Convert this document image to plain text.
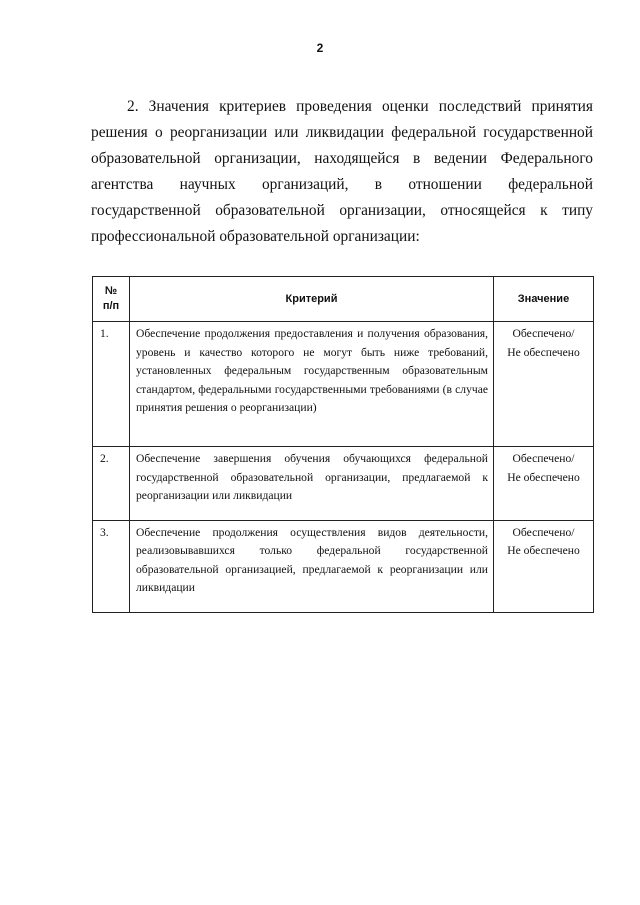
2

2. Значения критериев проведения оценки последствий принятия решения о реорганизации или ликвидации федеральной государственной образовательной организации, находящейся в ведении Федерального агентства научных организаций, в отношении федеральной государственной образовательной организации, относящейся к типу профессиональной образовательной организации:

№
п/п	Критерий	Значение
1.	Обеспечение продолжения предоставления и получения образования, уровень и качество которого не могут быть ниже требований, установленных федеральным государственным образовательным стандартом, федеральными государственными требованиями (в случае принятия решения о реорганизации)	Обеспечено/
Не обеспечено
2.	Обеспечение завершения обучения обучающихся федеральной государственной образовательной организации, предлагаемой к реорганизации или ликвидации	Обеспечено/
Не обеспечено
3.	Обеспечение продолжения осуществления видов деятельности, реализовывавшихся только федеральной государственной образовательной организацией, предлагаемой к реорганизации или ликвидации	Обеспечено/
Не обеспечено
